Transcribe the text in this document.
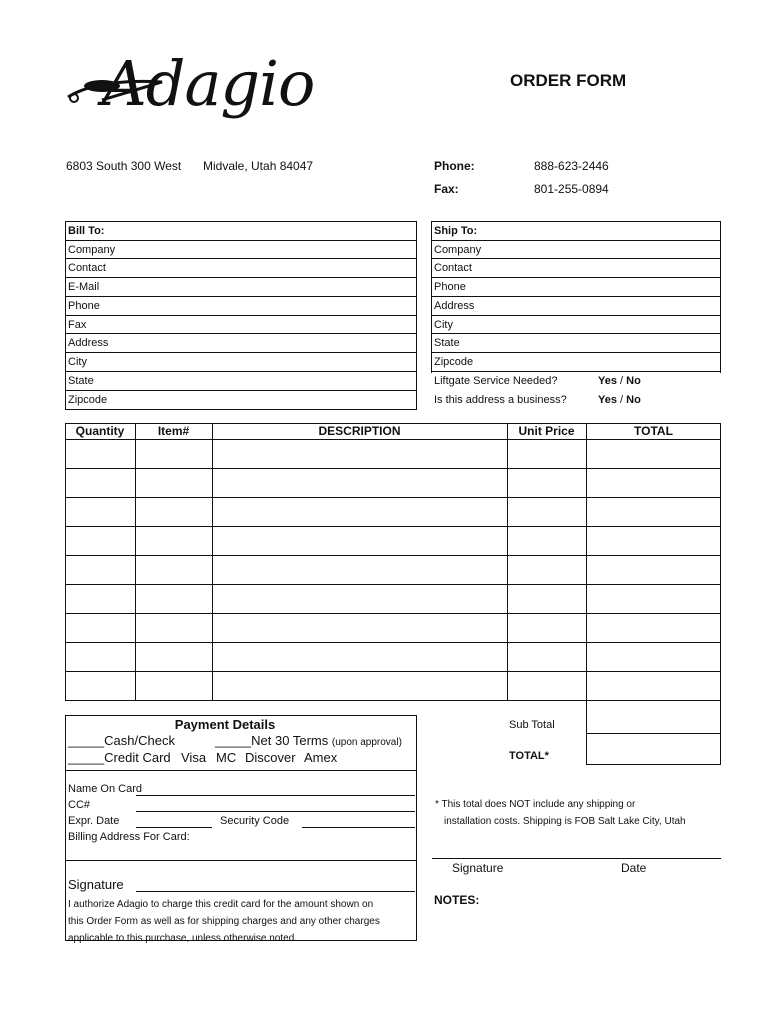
Adagio	ORDER FORM
6803 South 300 West Midvale, Utah 84047	Phone:	888-623-2446
Fax:	801-255-0894
Bill To:
Company
Contact
E-Mail
Phone
Fax
Address
City
State
Zipcode
Ship To:
Company
Contact
Phone
Address
City
State
Zipcode
Liftgate Service Needed?	Yes / No
Is this address a business?	Yes / No
Quantity	Item#	DESCRIPTION	Unit Price	TOTAL
Sub Total
TOTAL*
Payment Details
_____Cash/Check	_____Net 30 Terms (upon approval)
_____Credit Card Visa MC Discover Amex
Name On Card
CC#
Expr. Date	Security Code
Billing Address For Card:
Signature
I authorize Adagio to charge this credit card for the amount shown on
this Order Form as well as for shipping charges and any other charges
applicable to this purchase, unless otherwise noted.
* This total does NOT include any shipping or
installation costs. Shipping is FOB Salt Lake City, Utah
Signature	Date
NOTES:
